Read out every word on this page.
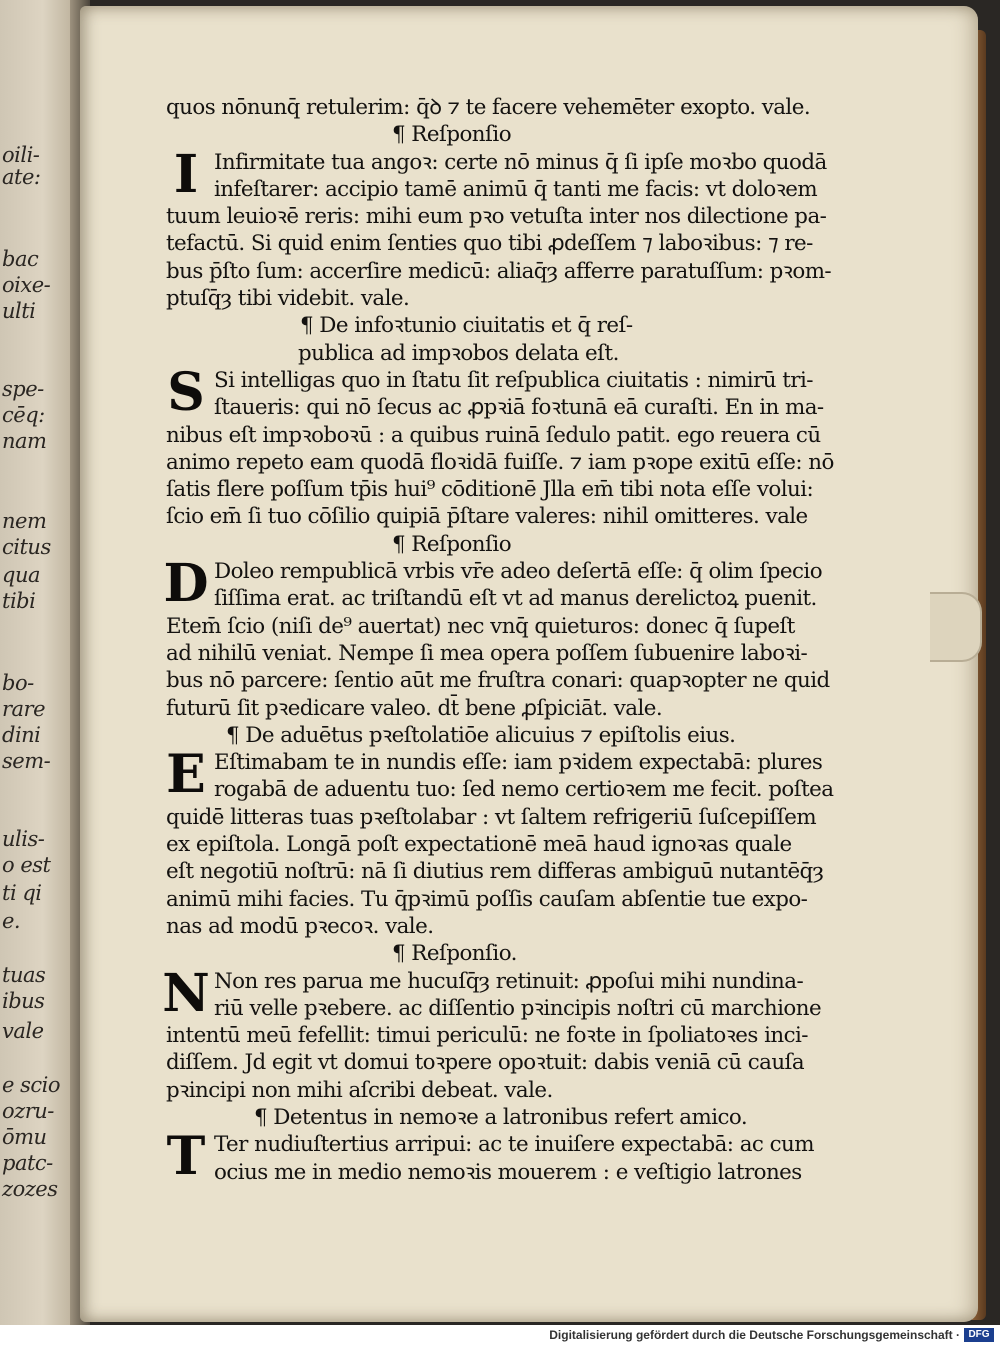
oili-
ate:
bac
oixe-
ulti
spe-
cēq:
nam
nem
citus
qua
tibi
bo-
rare
dini
sem-
ulis-
o est
ti qi
e.
tuas
ibus
vale
e scio
ozru-
ōmu
patc-
zozes
I
S
D
E
N
T
quos nōnunq̄ retulerim: q̄ꝺ ⁊ te facere vehemēter exopto. vale.
¶ Reſponſio
Infirmitate tua angoꝛ: certe nō minus q̄ ſi ipſe moꝛbo quodā
infeſtarer: accipio tamē animū q̄ tanti me facis: vt doloꝛem
tuum leuioꝛē reris: mihi eum pꝛo vetuſta inter nos dilectione pa-
tefactū. Si quid enim ſenties quo tibi ꝓdeſſem ⁊ laboꝛibus: ⁊ re-
bus p̄ſto ſum: accerſire medicū: aliaq̄ȝ afferre paratuſſum: pꝛom-
ptuſq̄ȝ tibi videbit. vale.
¶ De infoꝛtunio ciuitatis et q̄ reſ-
publica ad impꝛobos delata eſt.
Si intelligas quo in ſtatu ſit reſpublica ciuitatis : nimirū tri-
ſtaueris: qui nō ſecus ac ꝓpꝛiā foꝛtunā eā curaſti. En in ma-
nibus eſt impꝛoboꝛū : a quibus ruinā ſedulo patit. ego reuera cū
animo repeto eam quodā floꝛidā fuiſſe. ⁊ iam pꝛope exitū eſſe: nō
ſatis flere poſſum tp̄is hui⁹ cōditionē Jlla em̄ tibi nota eſſe volui:
ſcio em̄ ſi tuo cōſilio quipiā p̄ſtare valeres: nihil omitteres. vale
¶ Reſponſio
Doleo rempublicā vrbis vr̄e adeo deſertā eſſe: q̄ olim ſpecio
ſiſſima erat. ac triſtandū eſt vt ad manus derelictoꝝ puenit.
Etem̄ ſcio (niſi de⁹ auertat) nec vnq̄ quieturos: donec q̄ ſupeſt
ad nihilū veniat. Nempe ſi mea opera poſſem ſubuenire laboꝛi-
bus nō parcere: ſentio aūt me fruſtra conari: quapꝛopter ne quid
futurū ſit pꝛedicare valeo. dt̄ bene ꝓſpiciāt. vale.
¶ De aduētus pꝛeſtolatiōe alicuius ⁊ epiſtolis eius.
Eſtimabam te in nundis eſſe: iam pꝛidem expectabā: plures
rogabā de aduentu tuo: ſed nemo certioꝛem me fecit. poſtea
quidē litteras tuas pꝛeſtolabar : vt ſaltem refrigeriū ſuſcepiſſem
ex epiſtola. Longā poſt expectationē meā haud ignoꝛas quale
eſt negotiū noſtrū: nā ſi diutius rem differas ambiguū nutantēq̄ȝ
animū mihi facies. Tu q̄pꝛimū poſſis cauſam abſentie tue expo-
nas ad modū pꝛecoꝛ. vale.
¶ Reſponſio.
Non res parua me hucuſq̄ȝ retinuit: ꝓpoſui mihi nundina-
riū velle pꝛebere. ac diſſentio pꝛincipis noſtri cū marchione
intentū meū fefellit: timui periculū: ne foꝛte in ſpoliatoꝛes inci-
diſſem. Jd egit vt domui toꝛpere opoꝛtuit: dabis veniā cū cauſa
pꝛincipi non mihi aſcribi debeat. vale.
¶ Detentus in nemoꝛe a latronibus refert amico.
Ter nudiuſtertius arripui: ac te inuiſere expectabā: ac cum
ocius me in medio nemoꝛis mouerem : e veſtigio latrones
Digitalisierung gefördert durch die Deutsche Forschungsgemeinschaft · DFG
